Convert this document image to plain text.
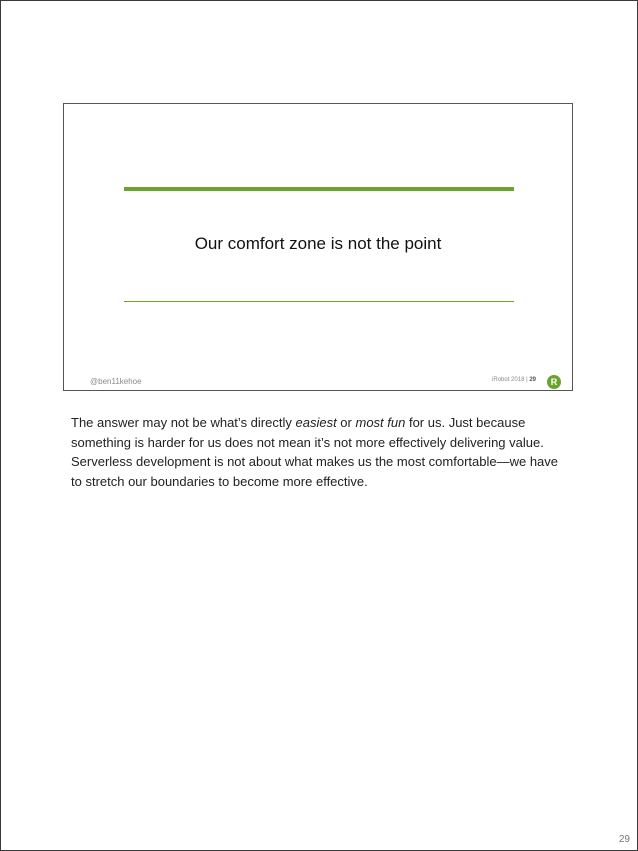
Our comfort zone is not the point
@ben11kehoe	iRobot 2018 | 29	R

The answer may not be what’s directly easiest or most fun for us. Just because

something is harder for us does not mean it’s not more effectively delivering value.

Serverless development is not about what makes us the most comfortable—we have

to stretch our boundaries to become more effective.

29
